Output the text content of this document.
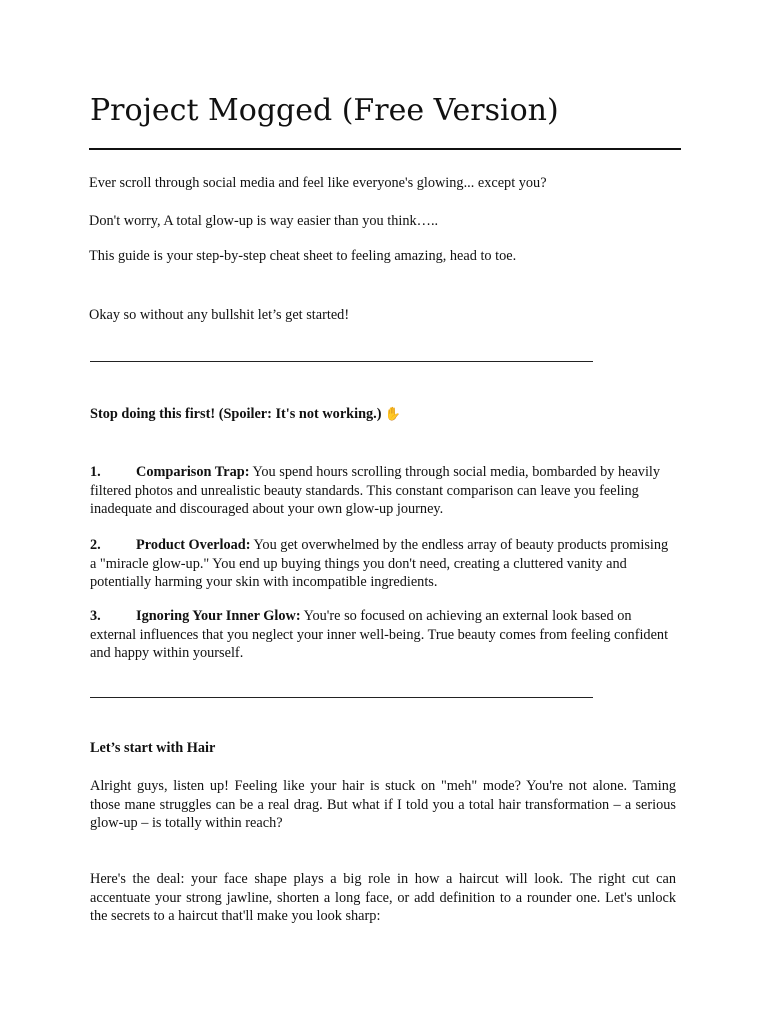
Project Mogged (Free Version)

Ever scroll through social media and feel like everyone's glowing... except you?

Don't worry, A total glow-up is way easier than you think…..

This guide is your step-by-step cheat sheet to feeling amazing, head to toe.

Okay so without any bullshit let’s get started!

Stop doing this first! (Spoiler: It's not working.) ✋

1. Comparison Trap: You spend hours scrolling through social media, bombarded by heavily filtered photos and unrealistic beauty standards. This constant comparison can leave you feeling inadequate and discouraged about your own glow-up journey.

2. Product Overload: You get overwhelmed by the endless array of beauty products promising a "miracle glow-up." You end up buying things you don't need, creating a cluttered vanity and potentially harming your skin with incompatible ingredients.

3. Ignoring Your Inner Glow: You're so focused on achieving an external look based on external influences that you neglect your inner well-being. True beauty comes from feeling confident and happy within yourself.

Let’s start with Hair

Alright guys, listen up! Feeling like your hair is stuck on "meh" mode? You're not alone. Taming those mane struggles can be a real drag. But what if I told you a total hair transformation – a serious glow-up – is totally within reach?

Here's the deal: your face shape plays a big role in how a haircut will look. The right cut can accentuate your strong jawline, shorten a long face, or add definition to a rounder one. Let's unlock the secrets to a haircut that'll make you look sharp:
